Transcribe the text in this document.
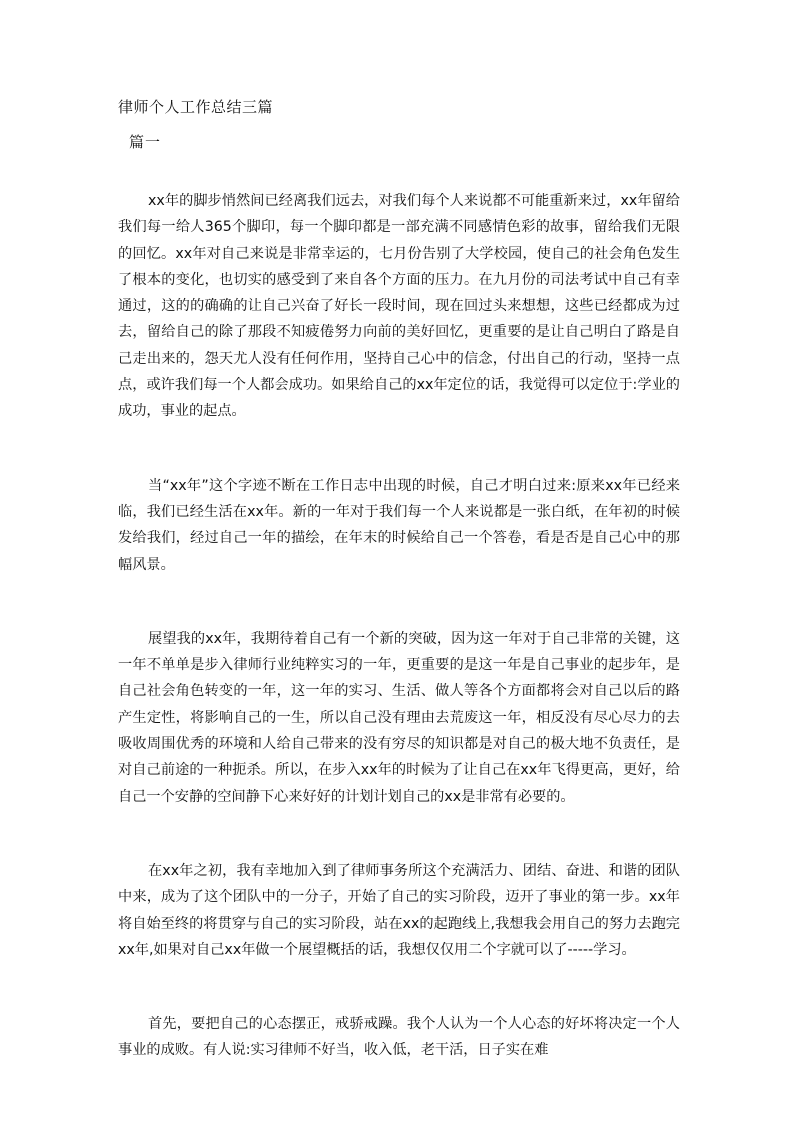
律师个人工作总结三篇
篇一

xx年的脚步悄然间已经离我们远去，对我们每个人来说都不可能重新来过，xx年留给我们每一给人365个脚印，每一个脚印都是一部充满不同感情色彩的故事，留给我们无限的回忆。xx年对自己来说是非常幸运的，七月份告别了大学校园，使自己的社会角色发生了根本的变化，也切实的感受到了来自各个方面的压力。在九月份的司法考试中自己有幸通过，这的的确确的让自己兴奋了好长一段时间，现在回过头来想想，这些已经都成为过去，留给自己的除了那段不知疲倦努力向前的美好回忆，更重要的是让自己明白了路是自己走出来的，怨天尤人没有任何作用，坚持自己心中的信念，付出自己的行动，坚持一点点，或许我们每一个人都会成功。如果给自己的xx年定位的话，我觉得可以定位于:学业的成功，事业的起点。

当“xx年”这个字迹不断在工作日志中出现的时候，自己才明白过来:原来xx年已经来临，我们已经生活在xx年。新的一年对于我们每一个人来说都是一张白纸，在年初的时候发给我们，经过自己一年的描绘，在年末的时候给自己一个答卷，看是否是自己心中的那幅风景。

展望我的xx年，我期待着自己有一个新的突破，因为这一年对于自己非常的关键，这一年不单单是步入律师行业纯粹实习的一年，更重要的是这一年是自己事业的起步年，是自己社会角色转变的一年，这一年的实习、生活、做人等各个方面都将会对自己以后的路产生定性，将影响自己的一生，所以自己没有理由去荒废这一年，相反没有尽心尽力的去吸收周围优秀的环境和人给自己带来的没有穷尽的知识都是对自己的极大地不负责任，是对自己前途的一种扼杀。所以，在步入xx年的时候为了让自己在xx年飞得更高，更好，给自己一个安静的空间静下心来好好的计划计划自己的xx是非常有必要的。

在xx年之初，我有幸地加入到了律师事务所这个充满活力、团结、奋进、和谐的团队中来，成为了这个团队中的一分子，开始了自己的实习阶段，迈开了事业的第一步。xx年将自始至终的将贯穿与自己的实习阶段，站在xx的起跑线上,我想我会用自己的努力去跑完xx年,如果对自己xx年做一个展望概括的话，我想仅仅用二个字就可以了-----学习。

首先，要把自己的心态摆正，戒骄戒躁。我个人认为一个人心态的好坏将决定一个人事业的成败。有人说:实习律师不好当，收入低，老干活，日子实在难
